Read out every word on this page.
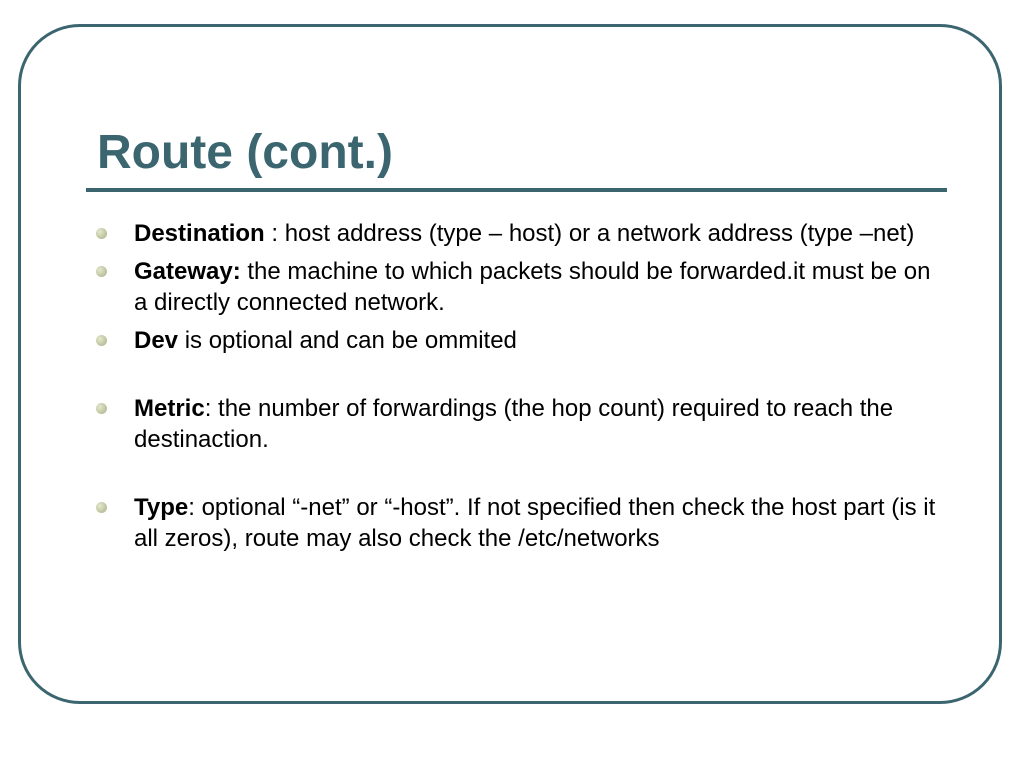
Route (cont.)
Destination : host address (type – host) or a network address (type –net)
Gateway: the machine to which packets should be forwarded.it must be on a directly connected network.
Dev is optional and can be ommited
Metric: the number of forwardings (the hop count) required to reach the destinaction.
Type: optional “-net” or “-host”. If not specified then check the host part (is it all zeros), route may also check the /etc/networks
